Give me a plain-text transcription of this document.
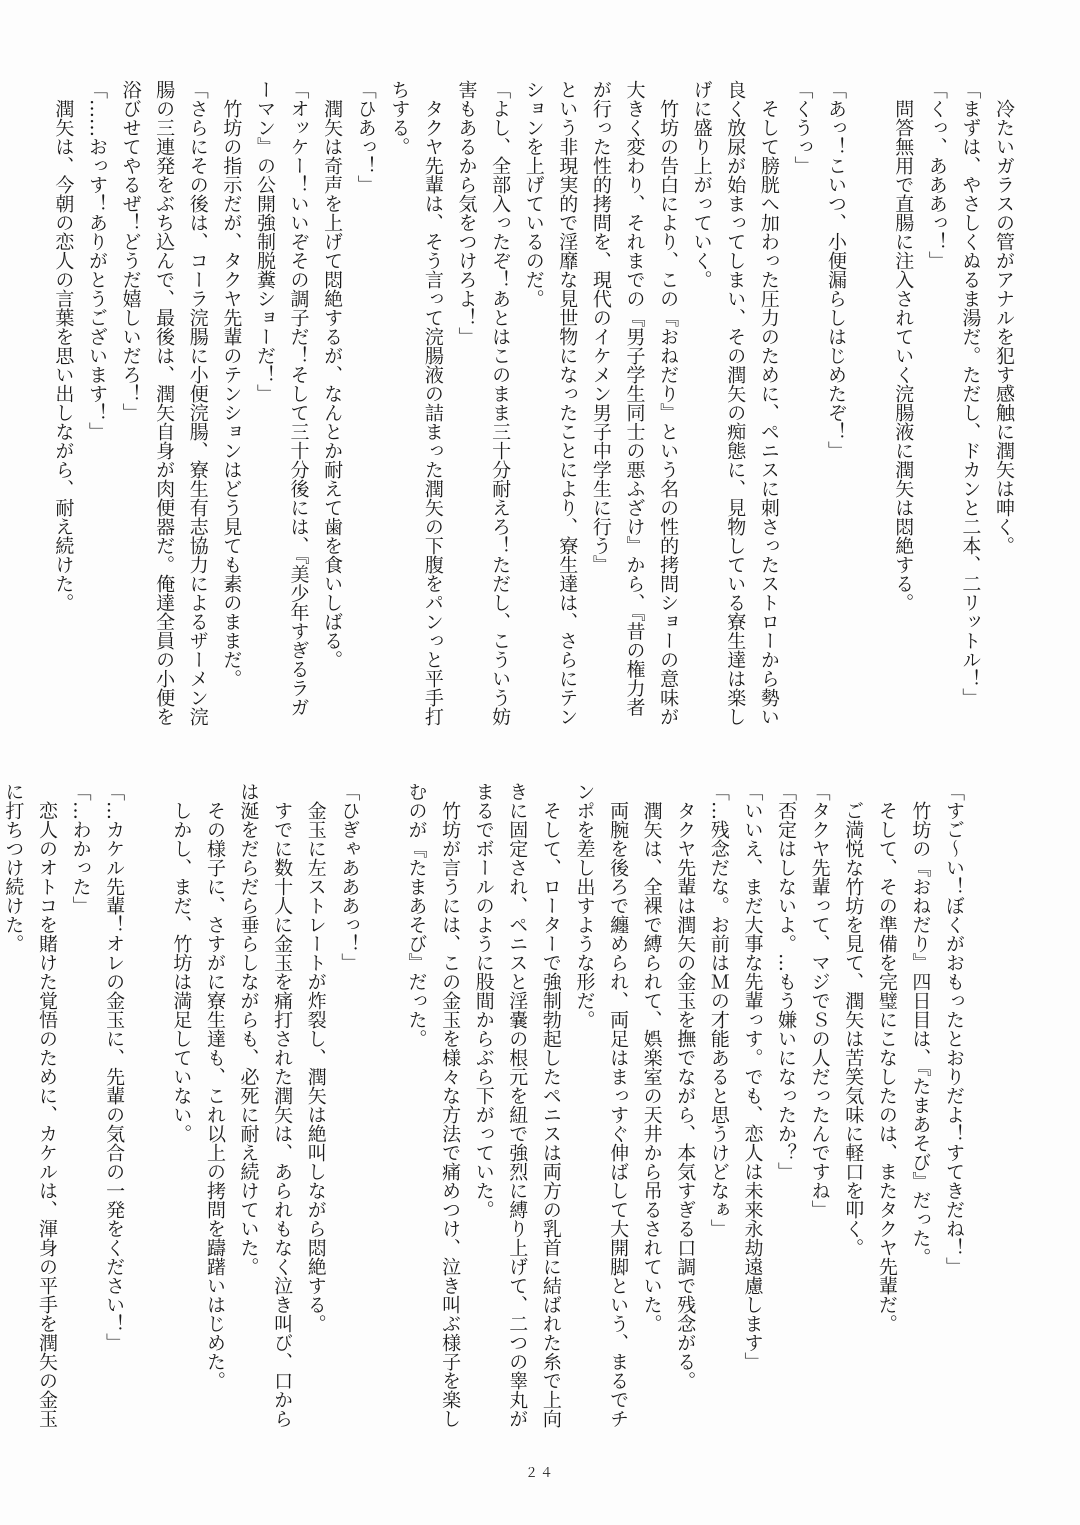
　冷たいガラスの管がアナルを犯す感触に潤矢は呻く。
「まずは、やさしくぬるま湯だ。ただし、ドカンと二本、二リットル！」
「くっ、あああっ！」
　問答無用で直腸に注入されていく浣腸液に潤矢は悶絶する。

「あっ！こいつ、小便漏らしはじめたぞ！」
「くうっ」
　そして膀胱へ加わった圧力のために、ペニスに刺さったストローから勢い
良く放尿が始まってしまい、その潤矢の痴態に、見物している寮生達は楽し
げに盛り上がっていく。
　竹坊の告白により、この『おねだり』という名の性的拷問ショーの意味が
大きく変わり、それまでの『男子学生同士の悪ふざけ』から、『昔の権力者
が行った性的拷問を、現代のイケメン男子中学生に行う』
という非現実的で淫靡な見世物になったことにより、寮生達は、さらにテン
ションを上げているのだ。
「よし、全部入ったぞ！あとはこのまま三十分耐えろ！ただし、こういう妨
害もあるから気をつけろよ！」
　タクヤ先輩は、そう言って浣腸液の詰まった潤矢の下腹をパンっと平手打
ちする。
「ひあっ！」
　潤矢は奇声を上げて悶絶するが、なんとか耐えて歯を食いしばる。
「オッケー！いいぞその調子だ！そして三十分後には、『美少年すぎるラガ
ーマン』の公開強制脱糞ショーだ！」
　竹坊の指示だが、タクヤ先輩のテンションはどう見ても素のままだ。
「さらにその後は、コーラ浣腸に小便浣腸、寮生有志協力によるザーメン浣
腸の三連発をぶち込んで、最後は、潤矢自身が肉便器だ。俺達全員の小便を
浴びせてやるぜ！どうだ嬉しいだろ！」
「……おっす！ありがとうございます！」
　潤矢は、今朝の恋人の言葉を思い出しながら、耐え続けた。
「すご～い！ぼくがおもったとおりだよ！すてきだね！」
　竹坊の『おねだり』四日目は、『たまあそび』だった。
　そして、その準備を完璧にこなしたのは、またタクヤ先輩だ。
　ご満悦な竹坊を見て、潤矢は苦笑気味に軽口を叩く。
「タクヤ先輩って、マジでＳの人だったんですね」
「否定はしないよ。…もう嫌いになったか？」
「いいえ、まだ大事な先輩っす。でも、恋人は未来永劫遠慮します」
「…残念だな。お前はＭの才能あると思うけどなぁ」
　タクヤ先輩は潤矢の金玉を撫でながら、本気すぎる口調で残念がる。
　潤矢は、全裸で縛られて、娯楽室の天井から吊るされていた。
　両腕を後ろで纏められ、両足はまっすぐ伸ばして大開脚という、まるでチ
ンポを差し出すような形だ。
　そして、ローターで強制勃起したペニスは両方の乳首に結ばれた糸で上向
きに固定され、ペニスと淫嚢の根元を紐で強烈に縛り上げて、二つの睾丸が
まるでボールのように股間からぶら下がっていた。
　竹坊が言うには、この金玉を様々な方法で痛めつけ、泣き叫ぶ様子を楽し
むのが『たまあそび』だった。

「ひぎゃあああっ！」
　金玉に左ストレートが炸裂し、潤矢は絶叫しながら悶絶する。
　すでに数十人に金玉を痛打された潤矢は、あられもなく泣き叫び、口から
は涎をだらだら垂らしながらも、必死に耐え続けていた。
　その様子に、さすがに寮生達も、これ以上の拷問を躊躇いはじめた。
　しかし、まだ、竹坊は満足していない。

「…カケル先輩！オレの金玉に、先輩の気合の一発をください！」
「…わかった」
　恋人のオトコを賭けた覚悟のために、カケルは、渾身の平手を潤矢の金玉
に打ちつけ続けた。
２４
